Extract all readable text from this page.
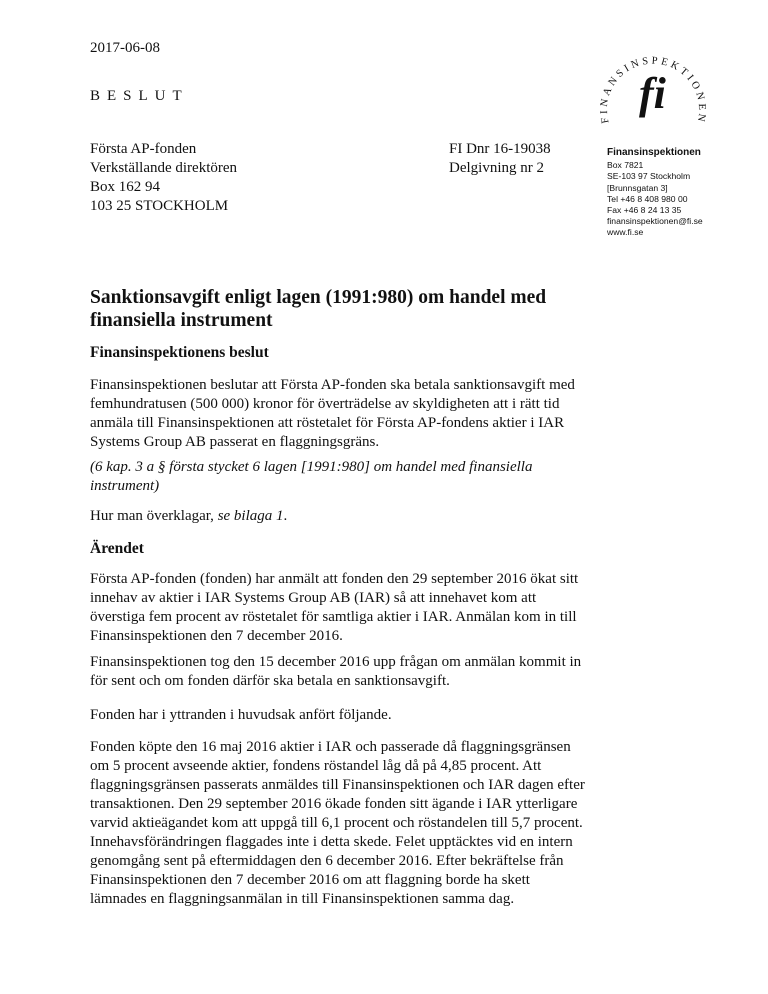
2017-06-08
BESLUT
Första AP-fonden
Verkställande direktören
Box 162 94
103 25 STOCKHOLM
FI Dnr 16-19038
Delgivning nr 2
FINANSINSPEKTIONEN
fi
Finansinspektionen
Box 7821
SE-103 97 Stockholm
[Brunnsgatan 3]
Tel +46 8 408 980 00
Fax +46 8 24 13 35
finansinspektionen@fi.se
www.fi.se
Sanktionsavgift enligt lagen (1991:980) om handel med finansiella instrument
Finansinspektionens beslut
Finansinspektionen beslutar att Första AP-fonden ska betala sanktionsavgift med femhundratusen (500 000) kronor för överträdelse av skyldigheten att i rätt tid anmäla till Finansinspektionen att röstetalet för Första AP-fondens aktier i IAR Systems Group AB passerat en flaggningsgräns.
(6 kap. 3 a § första stycket 6 lagen [1991:980] om handel med finansiella instrument)
Hur man överklagar, se bilaga 1.
Ärendet
Första AP-fonden (fonden) har anmält att fonden den 29 september 2016 ökat sitt innehav av aktier i IAR Systems Group AB (IAR) så att innehavet kom att överstiga fem procent av röstetalet för samtliga aktier i IAR. Anmälan kom in till Finansinspektionen den 7 december 2016.
Finansinspektionen tog den 15 december 2016 upp frågan om anmälan kommit in för sent och om fonden därför ska betala en sanktionsavgift.
Fonden har i yttranden i huvudsak anfört följande.
Fonden köpte den 16 maj 2016 aktier i IAR och passerade då flaggningsgränsen om 5 procent avseende aktier, fondens röstandel låg då på 4,85 procent. Att flaggningsgränsen passerats anmäldes till Finansinspektionen och IAR dagen efter transaktionen. Den 29 september 2016 ökade fonden sitt ägande i IAR ytterligare varvid aktieägandet kom att uppgå till 6,1 procent och röstandelen till 5,7 procent. Innehavsförändringen flaggades inte i detta skede. Felet upptäcktes vid en intern genomgång sent på eftermiddagen den 6 december 2016. Efter bekräftelse från Finansinspektionen den 7 december 2016 om att flaggning borde ha skett lämnades en flaggningsanmälan in till Finansinspektionen samma dag.
